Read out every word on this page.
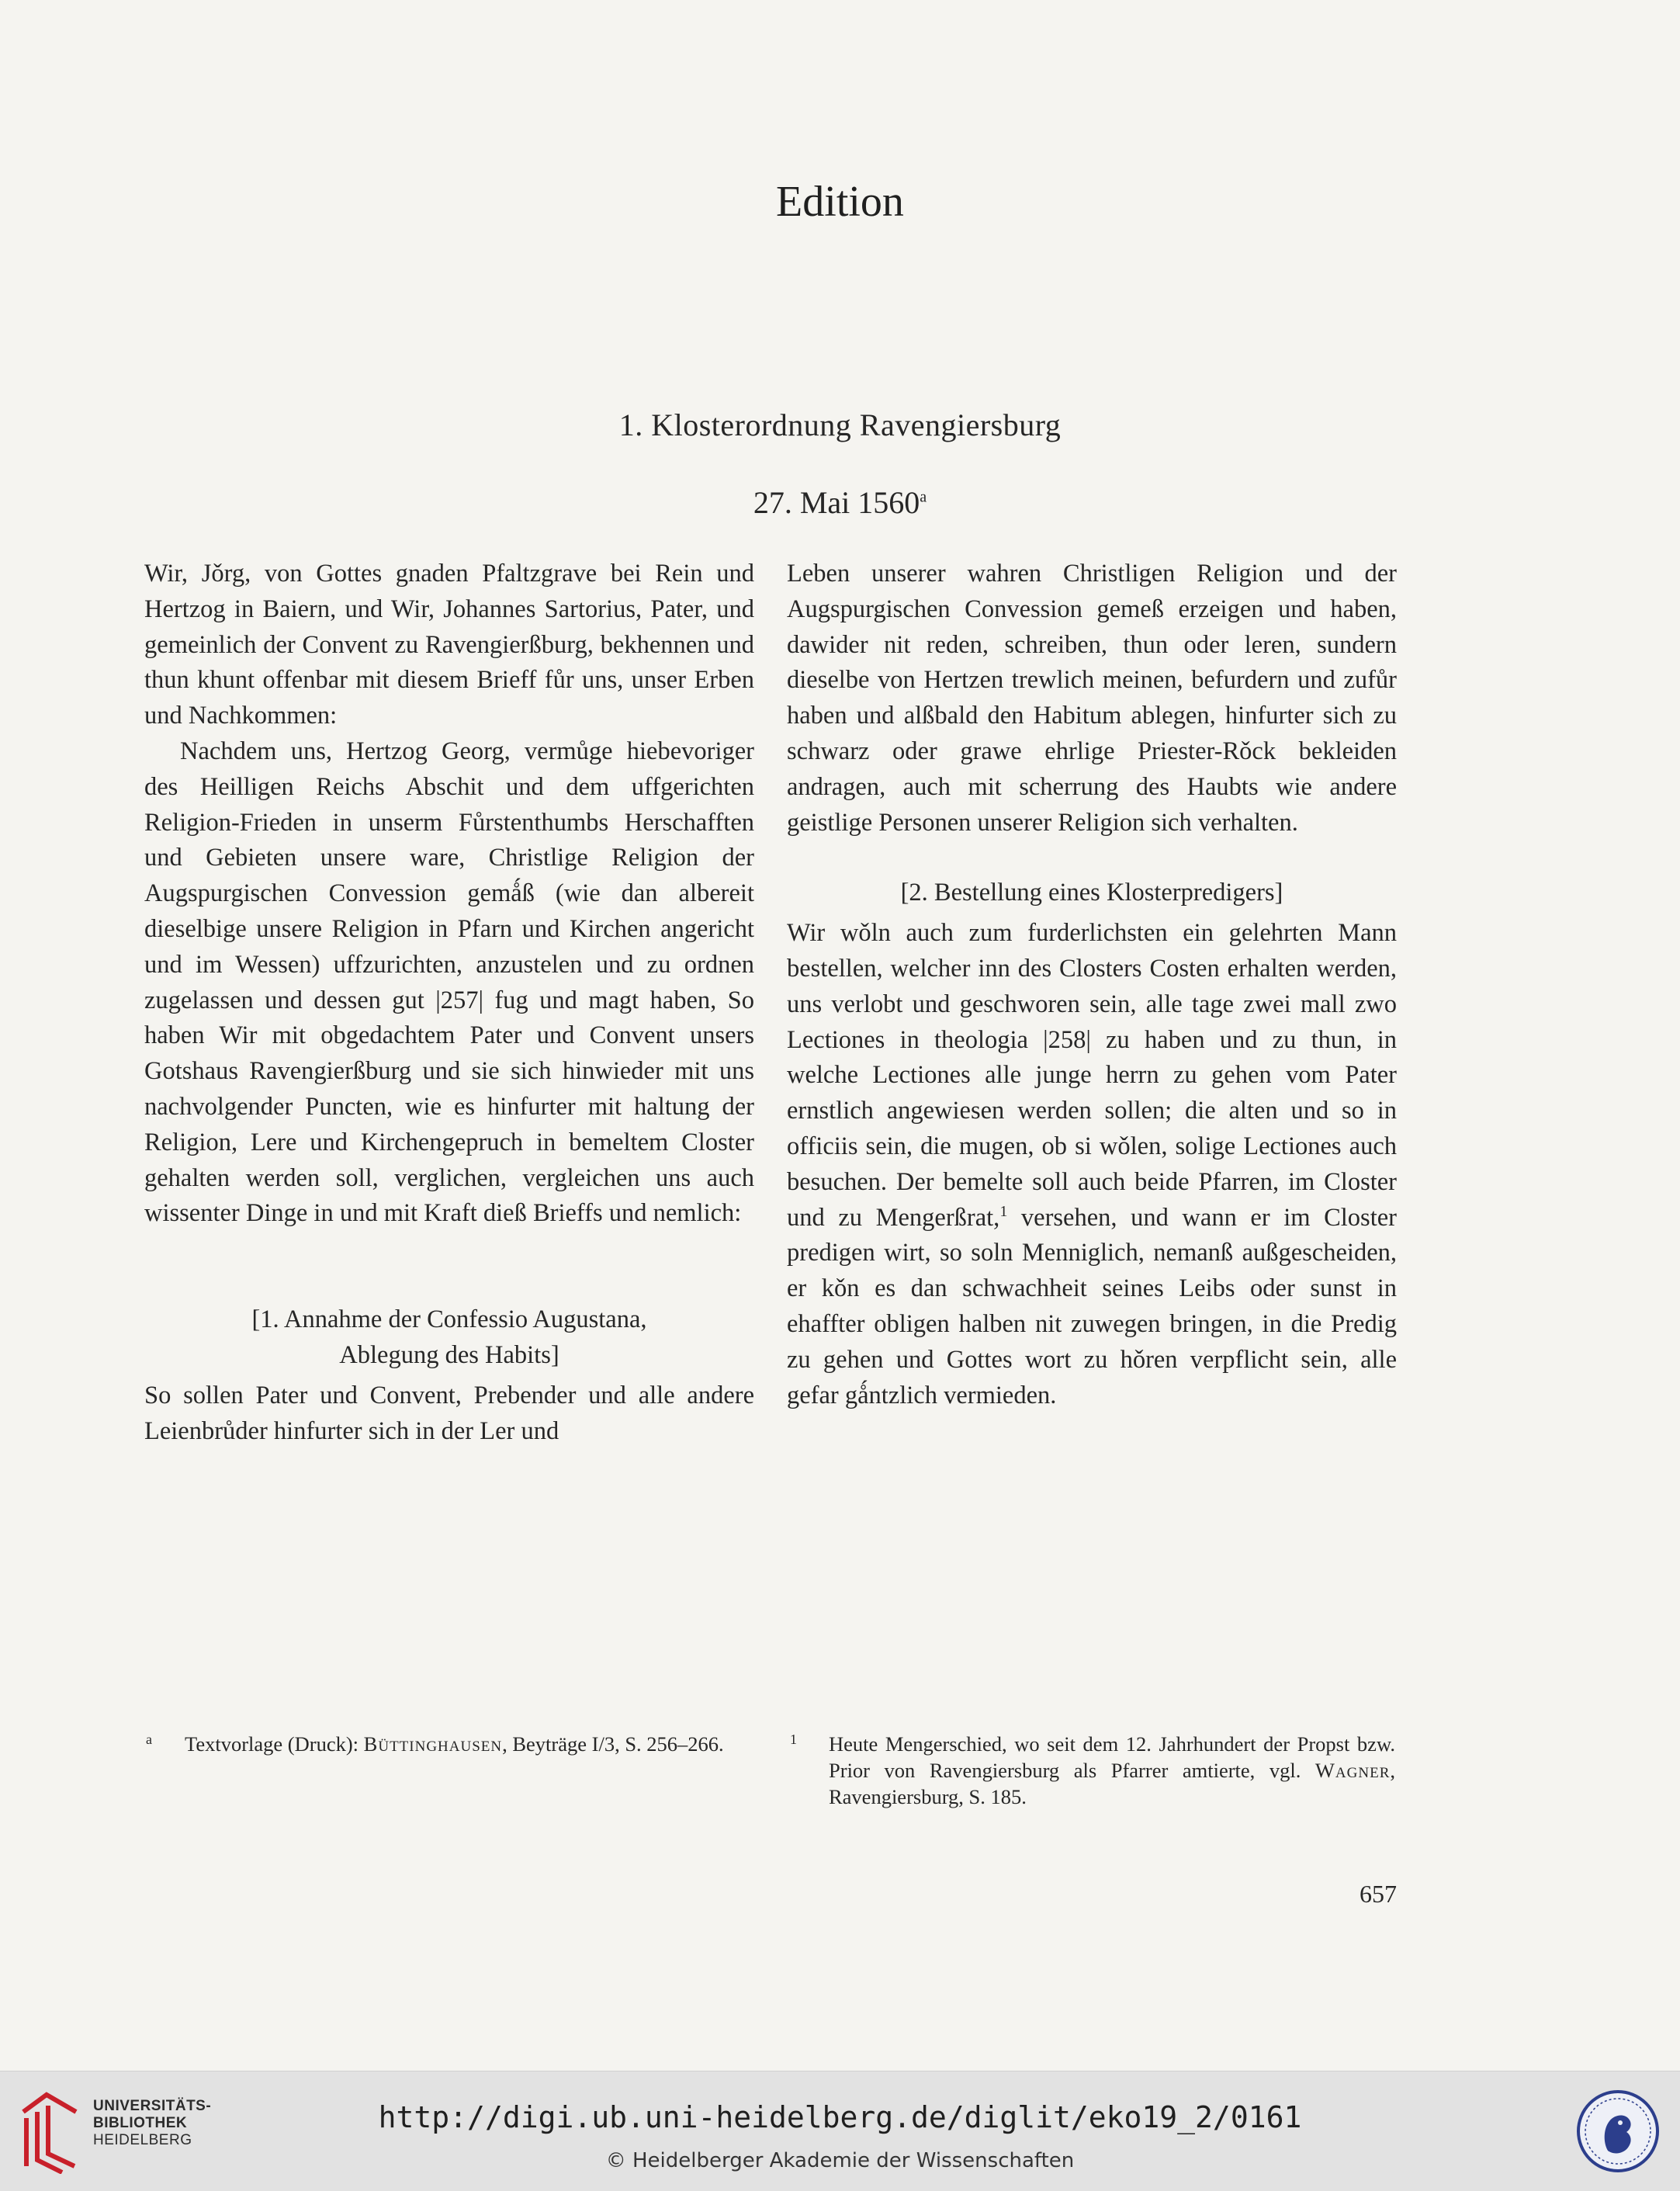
Edition
1. Klosterordnung Ravengiersburg
27. Mai 1560$^a$

Wir, Jǒrg, von Gottes gnaden Pfaltzgrave bei Rein und Hertzog in Baiern, und Wir, Johannes Sartorius, Pater, und gemeinlich der Convent zu Ravengierßburg, bekhennen und thun khunt offenbar mit diesem Brieff fůr uns, unser Erben und Nachkommen:

Nachdem uns, Hertzog Georg, vermůge hiebevoriger des Heilligen Reichs Abschit und dem uffgerichten Religion-Frieden in unserm Fůrstenthumbs Herschafften und Gebieten unsere ware, Christlige Religion der Augspurgischen Convession gemǻß (wie dan albereit dieselbige unsere Religion in Pfarn und Kirchen angericht und im Wessen) uffzurichten, anzustelen und zu ordnen zugelassen und dessen gut |257| fug und magt haben, So haben Wir mit obgedachtem Pater und Convent unsers Gotshaus Ravengierßburg und sie sich hinwieder mit uns nachvolgender Puncten, wie es hinfurter mit haltung der Religion, Lere und Kirchengepruch in bemeltem Closter gehalten werden soll, verglichen, vergleichen uns auch wissenter Dinge in und mit Kraft dieß Brieffs und nemlich:

[1. Annahme der Confessio Augustana,
Ablegung des Habits]

So sollen Pater und Convent, Prebender und alle andere Leienbrůder hinfurter sich in der Ler und

Leben unserer wahren Christligen Religion und der Augspurgischen Convession gemeß erzeigen und haben, dawider nit reden, schreiben, thun oder leren, sundern dieselbe von Hertzen trewlich meinen, befurdern und zufůr haben und alßbald den Habitum ablegen, hinfurter sich zu schwarz oder grawe ehrlige Priester-Rǒck bekleiden andragen, auch mit scherrung des Haubts wie andere geistlige Personen unserer Religion sich verhalten.

[2. Bestellung eines Klosterpredigers]

Wir wǒln auch zum furderlichsten ein gelehrten Mann bestellen, welcher inn des Closters Costen erhalten werden, uns verlobt und geschworen sein, alle tage zwei mall zwo Lectiones in theologia |258| zu haben und zu thun, in welche Lectiones alle junge herrn zu gehen vom Pater ernstlich angewiesen werden sollen; die alten und so in officiis sein, die mugen, ob si wǒlen, solige Lectiones auch besuchen. Der bemelte soll auch beide Pfarren, im Closter und zu Mengerßrat,$^1$ versehen, und wann er im Closter predigen wirt, so soln Menniglich, nemanß außgescheiden, er kǒn es dan schwachheit seines Leibs oder sunst in ehaffter obligen halben nit zuwegen bringen, in die Predig zu gehen und Gottes wort zu hǒren verpflicht sein, alle gefar gǻntzlich vermieden.

a	Textvorlage (Druck): Büttinghausen, Beyträge I/3, S. 256–266.	1	Heute Mengerschied, wo seit dem 12. Jahrhundert der Propst bzw. Prior von Ravengiersburg als Pfarrer amtierte, vgl. Wagner, Ravengiersburg, S. 185.
657
UNIVERSITÄTS-
BIBLIOTHEK
HEIDELBERG
http://digi.ub.uni-heidelberg.de/diglit/eko19_2/0161
© Heidelberger Akademie der Wissenschaften
